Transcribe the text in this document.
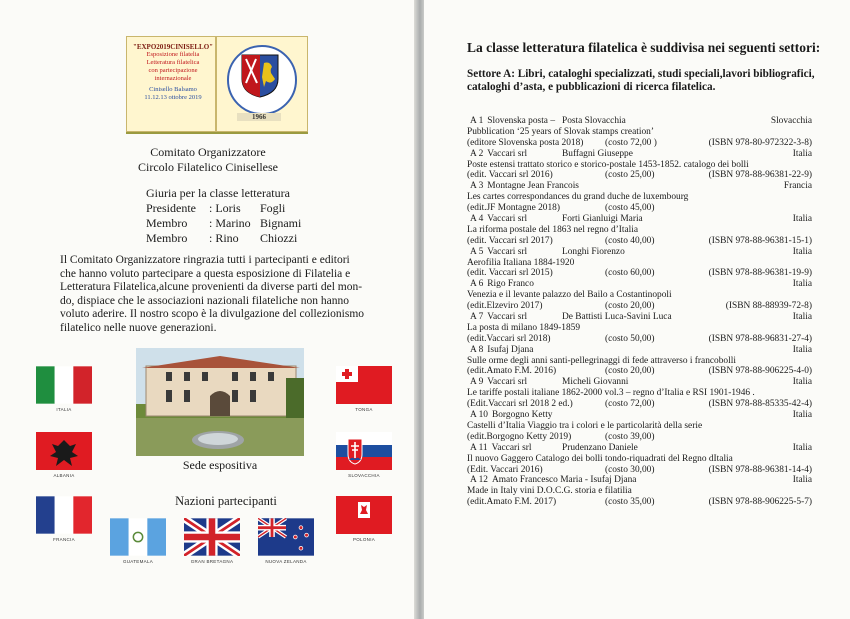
"EXPO2019CINISELLO"
Esposizione filatelia
Letteratura filatelica
con partecipazione
internazionale
Cinisello Balsamo
11.12.13 ottobre 2019
1966
Comitato Organizzatore
Circolo Filatelico Cinisellese
Giuria per la classe letteratura
Presidente : Loris Fogli
Membro : Marino Bignami
Membro : Rino Chiozzi
Il Comitato Organizzatore ringrazia tutti i partecipanti e editori
che hanno voluto partecipare a questa esposizione di Filatelia e
Letteratura Filatelica,alcune provenienti da diverse parti del mon-
do, dispiace che le associazioni nazionali filateliche non hanno
voluto aderire. Il nostro scopo è la divulgazione del collezionismo
filatelico nelle nuove generazioni.
Sede espositiva
Nazioni partecipanti
ITALIA
ALBANIA
FRANCIA
GUATEMALA	GRAN BRETAGNA	NUOVA ZELANDA
TONGA
SLOVACCHIA
POLONIA
La classe letteratura filatelica è suddivisa nei seguenti settori:
Settore A: Libri, cataloghi specializzati, studi speciali,lavori bibliografici,
cataloghi d’asta, e pubblicazioni di ricerca filatelica.
A 1 Slovenska posta – Posta Slovacchia	Slovacchia
Pubblication ‘25 years of Slovak stamps creation’
(editore Slovenska posta 2018) (costo 72,00 )	(ISBN 978-80-972322-3-8)
A 2 Vaccari srl	Buffagni Giuseppe	Italia
Poste estensi trattato storico e storico-postale 1453-1852. catalogo dei bolli
(edit. Vaccari srl 2016)	(costo 25,00)	(ISBN 978-88-96381-22-9)
A 3 Montagne Jean Francois	Francia
Les cartes correspondances du grand duche de luxembourg
(edit.JF Montagne 2018)	(costo 45,00)
A 4 Vaccari srl	Forti Gianluigi Maria	Italia
La riforma postale del 1863 nel regno d’Italia
(edit. Vaccari srl 2017)	(costo 40,00)	(ISBN 978-88-96381-15-1)
A 5 Vaccari srl	Longhi Fiorenzo	Italia
Aerofilia Italiana 1884-1920
(edit. Vaccari srl 2015)	(costo 60,00)	(ISBN 978-88-96381-19-9)
A 6 Rigo Franco	Italia
Venezia e il levante palazzo del Bailo a Costantinopoli
(edit.Elzeviro 2017)	(costo 20,00)	(ISBN 88-88939-72-8)
A 7 Vaccari srl	De Battisti Luca-Savini Luca	Italia
La posta di milano 1849-1859
(edit.Vaccari srl 2018)	(costo 50,00)	(ISBN 978-88-96831-27-4)
A 8 Isufaj Djana	Italia
Sulle orme degli anni santi-pellegrinaggi di fede attraverso i francobolli
(edit.Amato F.M. 2016)	(costo 20,00)	(ISBN 978-88-906225-4-0)
A 9 Vaccari srl	Micheli Giovanni	Italia
Le tariffe postali italiane 1862-2000 vol.3 – regno d’Italia e RSI 1901-1946 .
(Edit.Vaccari srl 2018 2 ed.)	(costo 72,00)	(ISBN 978-88-85335-42-4)
A 10 Borgogno Ketty	Italia
Castelli d’Italia Viaggio tra i colori e le particolarità della serie
(edit.Borgogno Ketty 2019)	(costo 39,00)
A 11 Vaccari srl	Prudenzano Daniele	Italia
Il nuovo Gaggero Catalogo dei bolli tondo-riquadrati del Regno dItalia
(Edit. Vaccari 2016)	(costo 30,00)	(ISBN 978-88-96381-14-4)
A 12 Amato Francesco Maria - Isufaj Djana	Italia
Made in Italy vini D.O.C.G. storia e filatilia
(edit.Amato F.M. 2017)	(costo 35,00)	(ISBN 978-88-906225-5-7)
